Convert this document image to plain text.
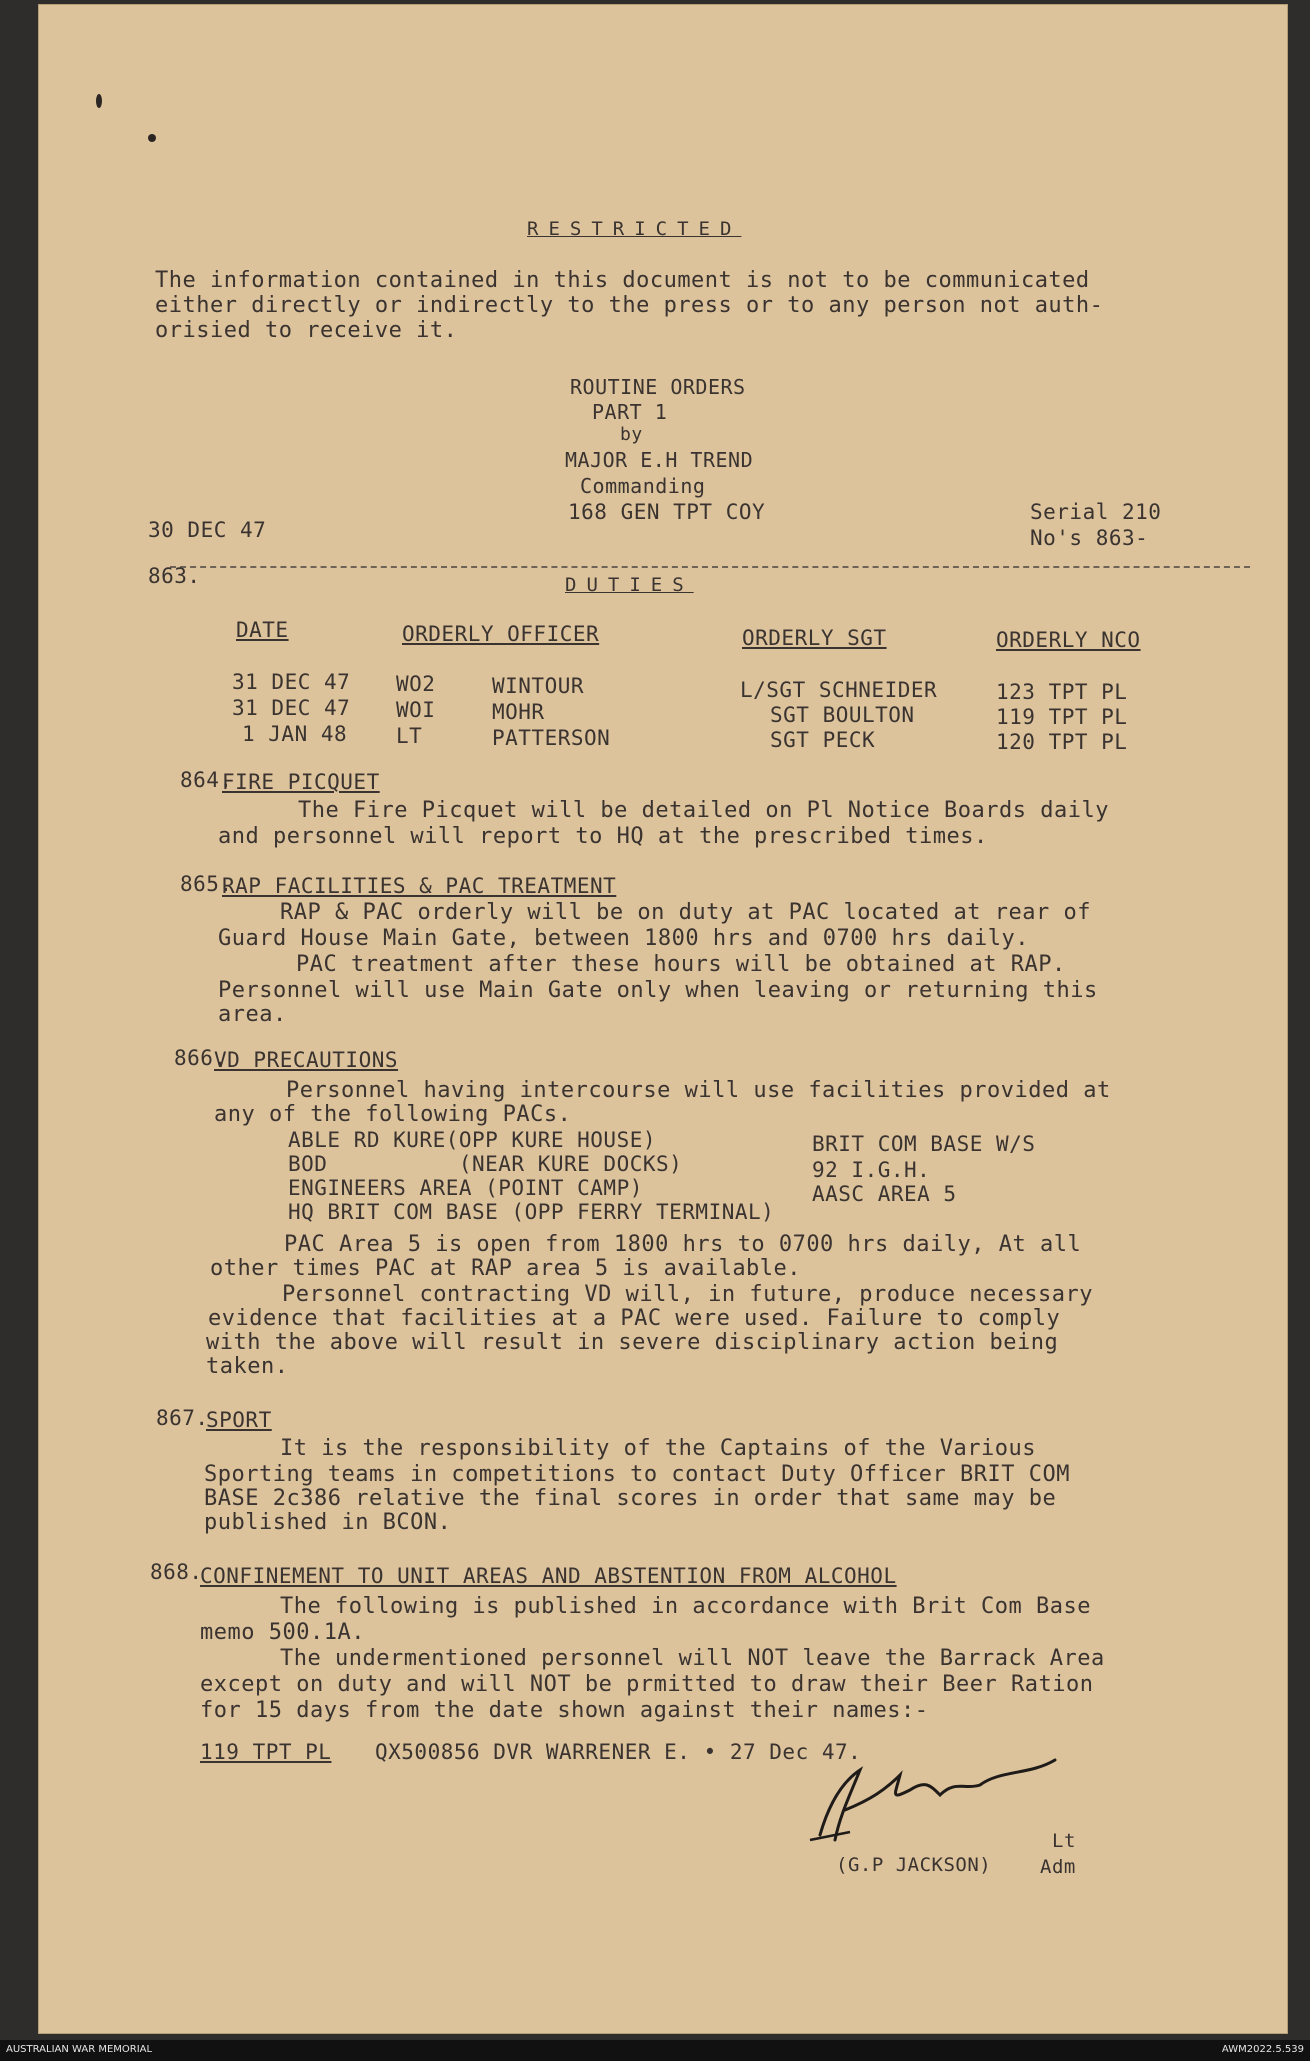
RESTRICTED
The information contained in this document is not to be communicated
either directly or indirectly to the press or to any person not auth-
orisied to receive it.
ROUTINE ORDERS
PART 1
by
MAJOR E.H TREND
Commanding
168 GEN TPT COY
30 DEC 47
Serial 210
No's 863-
863.	DUTIES
DATE	ORDERLY OFFICER	ORDERLY SGT	ORDERLY NCO
31 DEC 47 WO2	WINTOUR	L/SGT SCHNEIDER	123 TPT PL
31 DEC 47 WOI	MOHR	SGT BOULTON	119 TPT PL
1 JAN 48 LT	PATTERSON	SGT PECK	120 TPT PL
864.
FIRE PICQUET
The Fire Picquet will be detailed on Pl Notice Boards daily
and personnel will report to HQ at the prescribed times.
865.
RAP FACILITIES & PAC TREATMENT
RAP & PAC orderly will be on duty at PAC located at rear of
Guard House Main Gate, between 1800 hrs and 0700 hrs daily.
PAC treatment after these hours will be obtained at RAP.
Personnel will use Main Gate only when leaving or returning this
area.
866.
VD PRECAUTIONS
Personnel having intercourse will use facilities provided at
any of the following PACs.
ABLE RD KURE(OPP KURE HOUSE)
BOD          (NEAR KURE DOCKS)
ENGINEERS AREA (POINT CAMP)
HQ BRIT COM BASE (OPP FERRY TERMINAL)
BRIT COM BASE W/S
92 I.G.H.
AASC AREA 5
PAC Area 5 is open from 1800 hrs to 0700 hrs daily, At all
other times PAC at RAP area 5 is available.
Personnel contracting VD will, in future, produce necessary
evidence that facilities at a PAC were used. Failure to comply
with the above will result in severe disciplinary action being
taken.
867.
SPORT
It is the responsibility of the Captains of the Various
Sporting teams in competitions to contact Duty Officer BRIT COM
BASE 2c386 relative the final scores in order that same may be
published in BCON.
868.
CONFINEMENT TO UNIT AREAS AND ABSTENTION FROM ALCOHOL
The following is published in accordance with Brit Com Base
memo 500.1A.
The undermentioned personnel will NOT leave the Barrack Area
except on duty and will NOT be prmitted to draw their Beer Ration
for 15 days from the date shown against their names:-
119 TPT PL QX500856 DVR WARRENER E. • 27 Dec 47.
Lt
(G.P JACKSON)	Adm
AUSTRALIAN WAR MEMORIAL	AWM2022.5.539
